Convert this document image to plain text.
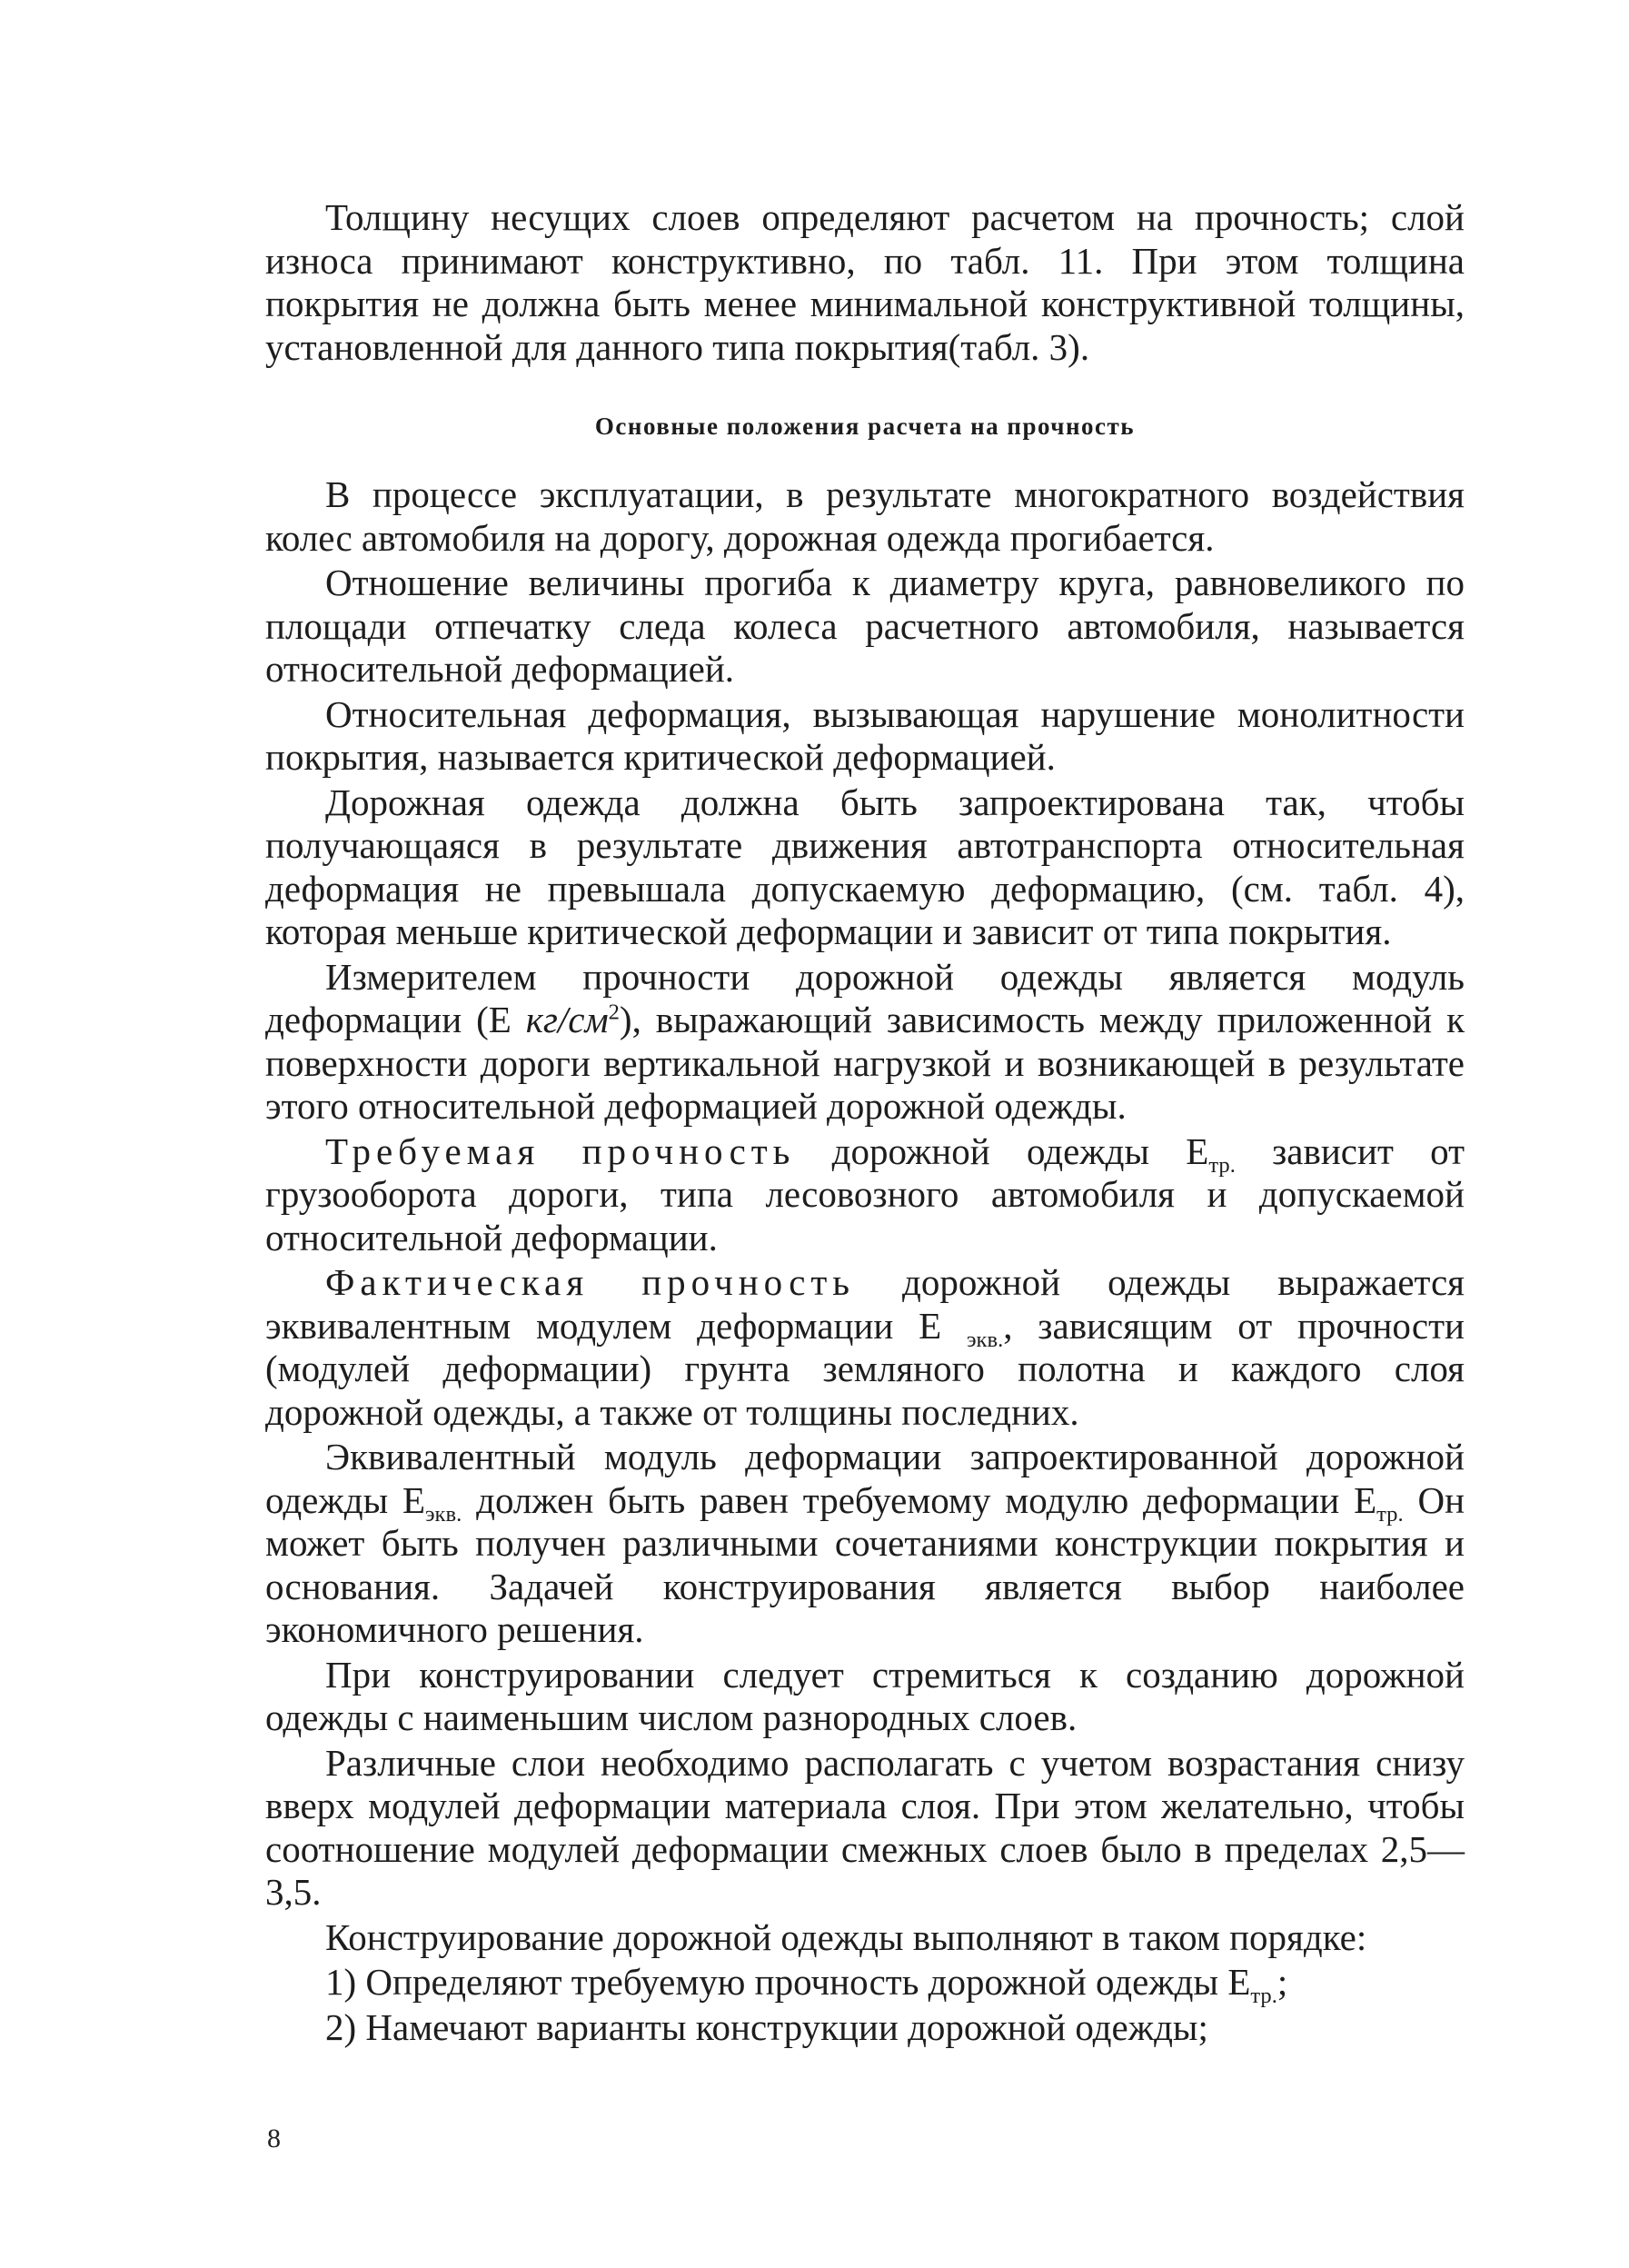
Толщину несущих слоев определяют расчетом на прочность; слой износа принимают конструктивно, по табл. 11. При этом толщина покрытия не должна быть менее минимальной конструктивной толщины, установленной для данного типа покрытия(табл. 3).

Основные положения расчета на прочность

В процессе эксплуатации, в результате многократного воздействия колес автомобиля на дорогу, дорожная одежда прогибается.

Отношение величины прогиба к диаметру круга, равновеликого по площади отпечатку следа колеса расчетного автомобиля, называется относительной деформацией.

Относительная деформация, вызывающая нарушение монолитности покрытия, называется критической деформацией.

Дорожная одежда должна быть запроектирована так, чтобы получающаяся в результате движения автотранспорта относительная деформация не превышала допускаемую деформацию, (см. табл. 4), которая меньше критической деформации и зависит от типа покрытия.

Измерителем прочности дорожной одежды является модуль деформации (Е $кг/см^2$), выражающий зависимость между приложенной к поверхности дороги вертикальной нагрузкой и возникающей в результате этого относительной деформацией дорожной одежды.

Требуемая прочность дорожной одежды $Е_{тр.}$ зависит от грузооборота дороги, типа лесовозного автомобиля и допускаемой относительной деформации.

Фактическая прочность дорожной одежды выражается эквивалентным модулем деформации Е $_{экв.}$, зависящим от прочности (модулей деформации) грунта земляного полотна и каждого слоя дорожной одежды, а также от толщины последних.

Эквивалентный модуль деформации запроектированной дорожной одежды $Е_{экв.}$ должен быть равен требуемому модулю деформации $Е_{тр.}$ Он может быть получен различными сочетаниями конструкции покрытия и основания. Задачей конструирования является выбор наиболее экономичного решения.

При конструировании следует стремиться к созданию дорожной одежды с наименьшим числом разнородных слоев.

Различные слои необходимо располагать с учетом возрастания снизу вверх модулей деформации материала слоя. При этом желательно, чтобы соотношение модулей деформации смежных слоев было в пределах 2,5—3,5.

Конструирование дорожной одежды выполняют в таком порядке:

1) Определяют требуемую прочность дорожной одежды $Е_{тр.}$;

2) Намечают варианты конструкции дорожной одежды;

8
